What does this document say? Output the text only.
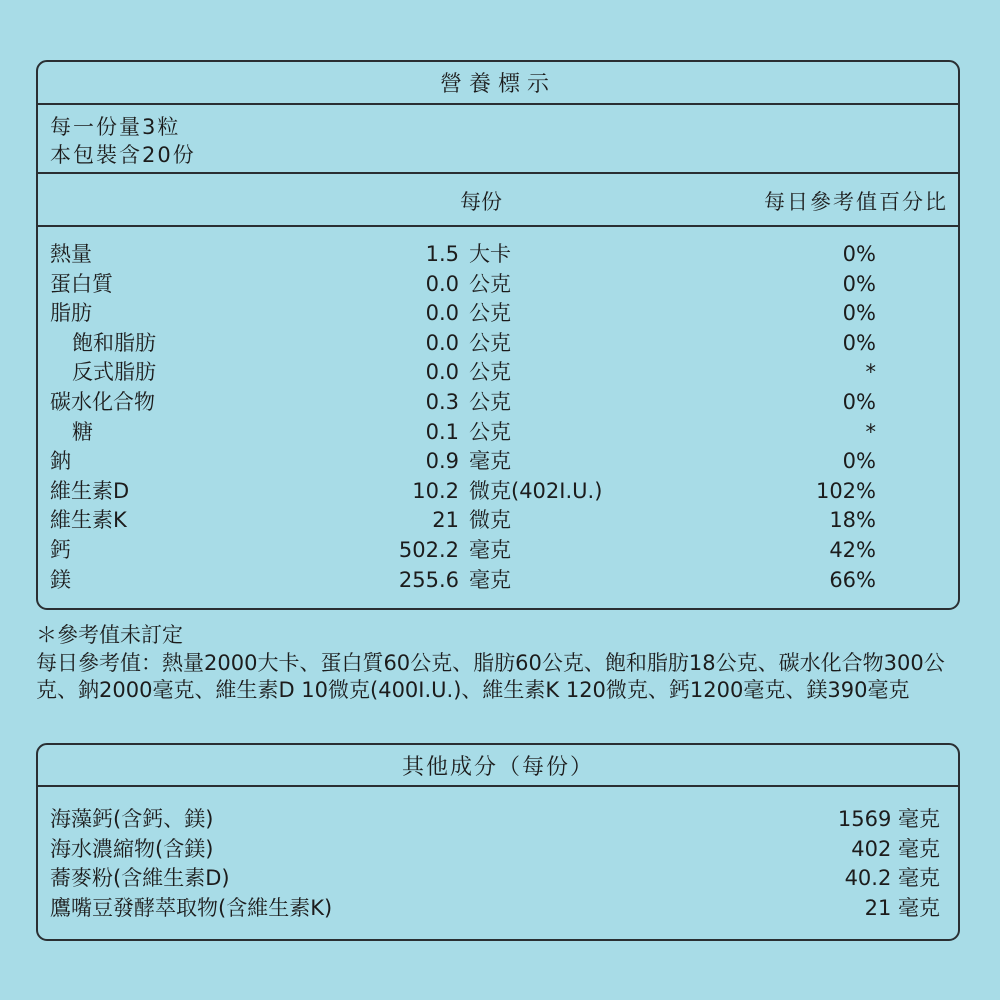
營養標示
每一份量3粒
本包裝含20份
每份	每日參考值百分比
熱量	1.5 大卡	0%
蛋白質	0.0 公克	0%
脂肪	0.0 公克	0%
飽和脂肪	0.0 公克	0%
反式脂肪	0.0 公克	*
碳水化合物	0.3 公克	0%
糖	0.1 公克	*
鈉	0.9 毫克	0%
維生素D	10.2 微克(402I.U.)	102%
維生素K	21 微克	18%
鈣	502.2 毫克	42%
鎂	255.6 毫克	66%
＊參考值未訂定
每日參考值：熱量2000大卡、蛋白質60公克、脂肪60公克、飽和脂肪18公克、碳水化合物300公克、鈉2000毫克、維生素D 10微克(400I.U.)、維生素K 120微克、鈣1200毫克、鎂390毫克
其他成分（每份）
海藻鈣(含鈣、鎂)	1569 毫克
海水濃縮物(含鎂)	402 毫克
蕎麥粉(含維生素D)	40.2 毫克
鷹嘴豆發酵萃取物(含維生素K)	21 毫克
